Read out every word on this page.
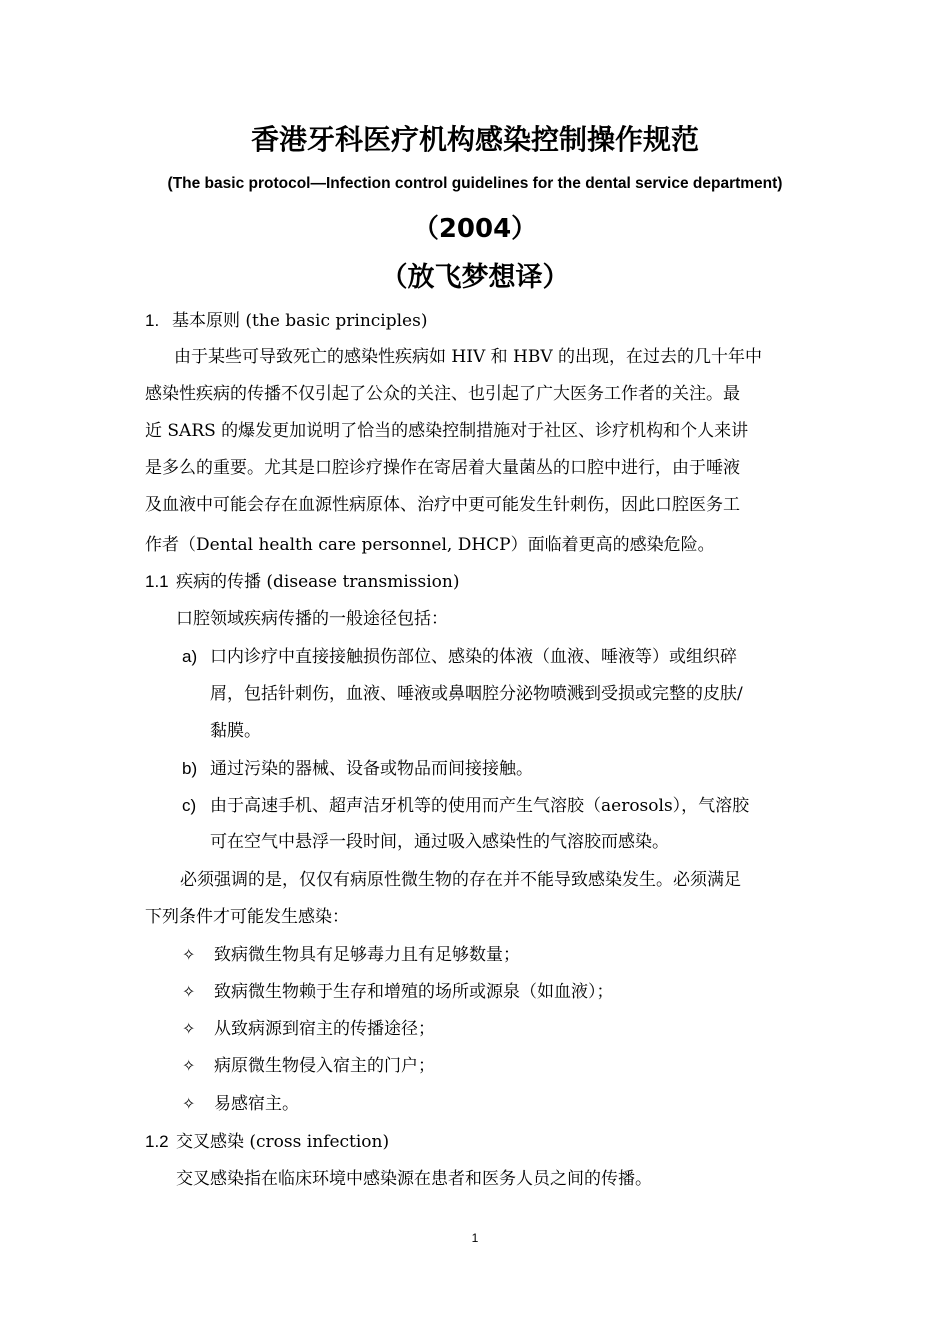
香港牙科医疗机构感染控制操作规范
(The basic protocol—Infection control guidelines for the dental service department)
（2004）
（放飞梦想译）
1. 基本原则 (the basic principles)
由于某些可导致死亡的感染性疾病如 HIV 和 HBV 的出现，在过去的几十年中
感染性疾病的传播不仅引起了公众的关注、也引起了广大医务工作者的关注。最
近 SARS 的爆发更加说明了恰当的感染控制措施对于社区、诊疗机构和个人来讲
是多么的重要。尤其是口腔诊疗操作在寄居着大量菌丛的口腔中进行，由于唾液
及血液中可能会存在血源性病原体、治疗中更可能发生针刺伤，因此口腔医务工
作者（Dental health care personnel, DHCP）面临着更高的感染危险。
1.1 疾病的传播 (disease transmission)
口腔领域疾病传播的一般途径包括：
a) 口内诊疗中直接接触损伤部位、感染的体液（血液、唾液等）或组织碎
屑，包括针刺伤，血液、唾液或鼻咽腔分泌物喷溅到受损或完整的皮肤/
黏膜。
b) 通过污染的器械、设备或物品而间接接触。
c) 由于高速手机、超声洁牙机等的使用而产生气溶胶（aerosols），气溶胶
可在空气中悬浮一段时间，通过吸入感染性的气溶胶而感染。
必须强调的是，仅仅有病原性微生物的存在并不能导致感染发生。必须满足
下列条件才可能发生感染：
✧ 致病微生物具有足够毒力且有足够数量；
✧ 致病微生物赖于生存和增殖的场所或源泉（如血液）；
✧ 从致病源到宿主的传播途径；
✧ 病原微生物侵入宿主的门户；
✧ 易感宿主。
1.2 交叉感染 (cross infection)
交叉感染指在临床环境中感染源在患者和医务人员之间的传播。
1
